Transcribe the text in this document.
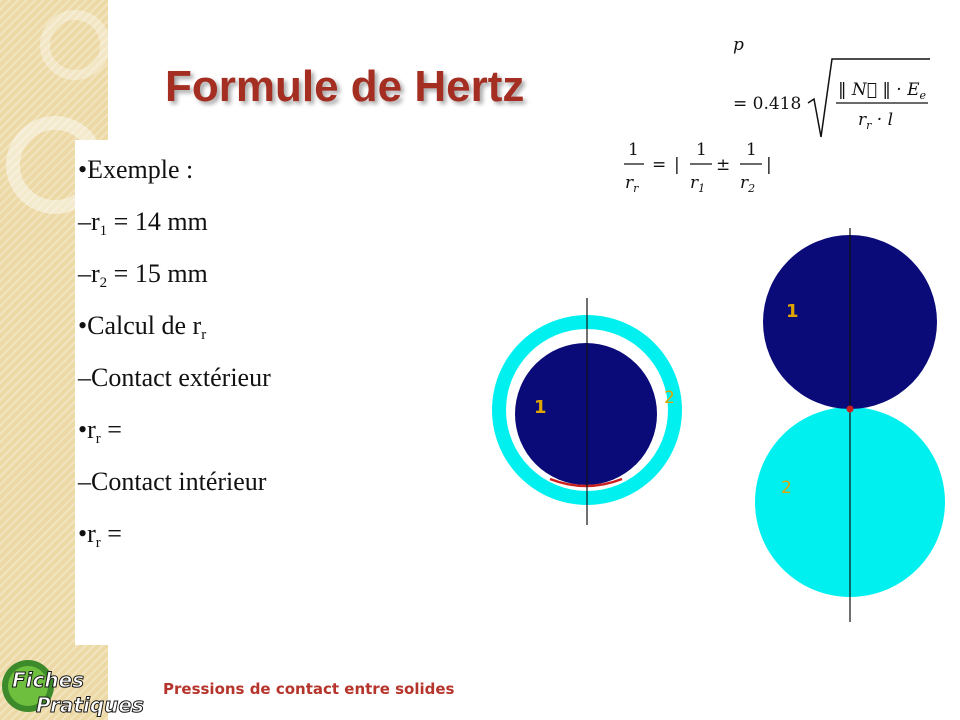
Formule de Hertz
•Exemple :
$-r_1 = 14$ mm
$-r_2 = 15$ mm
•Calcul de $r_r$
–Contact extérieur
$•r_r$ =
–Contact intérieur
$•r_r$ =
p
= 0.418
‖ N⃗ ‖ · $E_e$
$r_r \cdot l$
1
$r_r$
= |
1
$r_1$
±
1
$r_2$
|
1	2
1
2
Fiches
Pratiques
Pressions de contact entre solides
